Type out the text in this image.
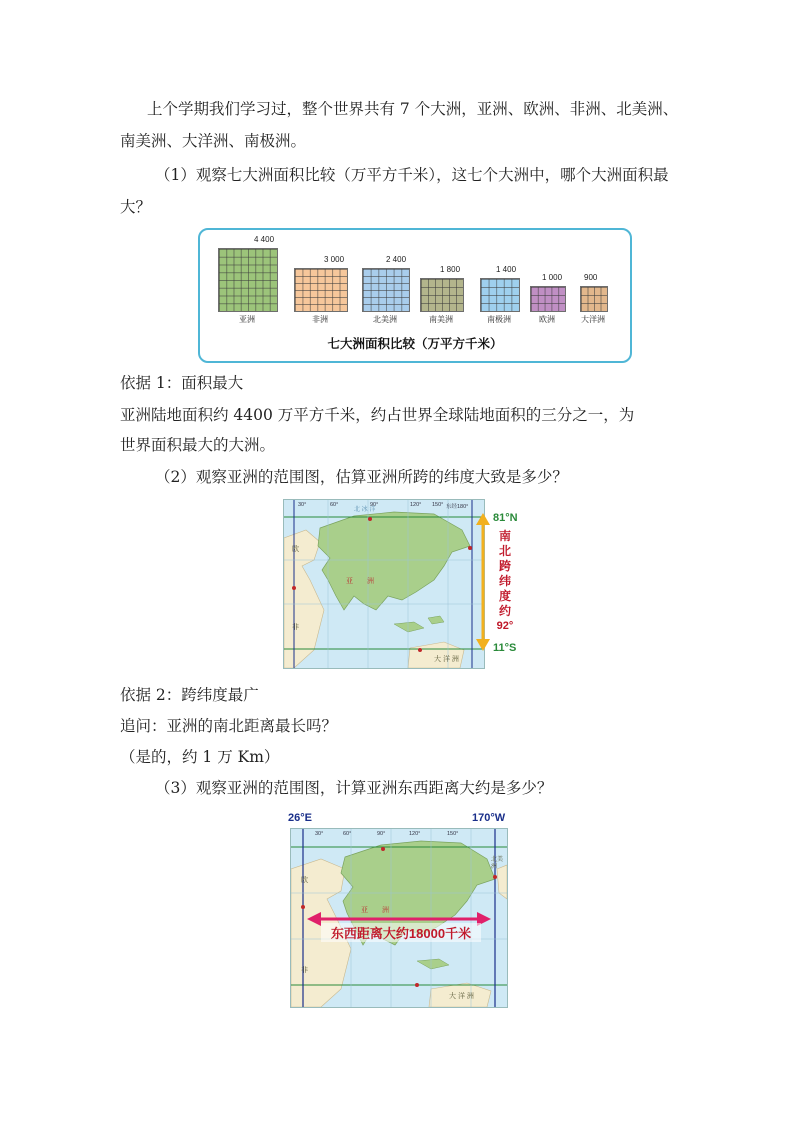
上个学期我们学习过，整个世界共有 7 个大洲，亚洲、欧洲、非洲、北美洲、
南美洲、大洋洲、南极洲。
（1）观察七大洲面积比较（万平方千米），这七个大洲中，哪个大洲面积最
大？
4 400
亚洲
3 000
非洲
2 400
北美洲
1 800
南美洲
1 400
南极洲
1 000
欧洲
900
大洋洲
七大洲面积比较（万平方千米）
依据 1：面积最大
亚洲陆地面积约 4400 万平方千米，约占世界全球陆地面积的三分之一，为
世界面积最大的大洲。
（2）观察亚洲的范围图，估算亚洲所跨的纬度大致是多少？
亚　　洲
欧
非
大 洋 洲
北 冰 洋
30°	60°	90°	120°	东经180°
150°
81°N
11°S
南
北
跨
纬
度
约
92°
依据 2：跨纬度最广
追问：亚洲的南北距离最长吗？
（是的，约 1 万 Km）
（3）观察亚洲的范围图，计算亚洲东西距离大约是多少？
26°E	170°W
亚　　洲
欧
非
大 洋 洲
北美洲
30°	60°	90°	120°	150°
东西距离大约18000千米
